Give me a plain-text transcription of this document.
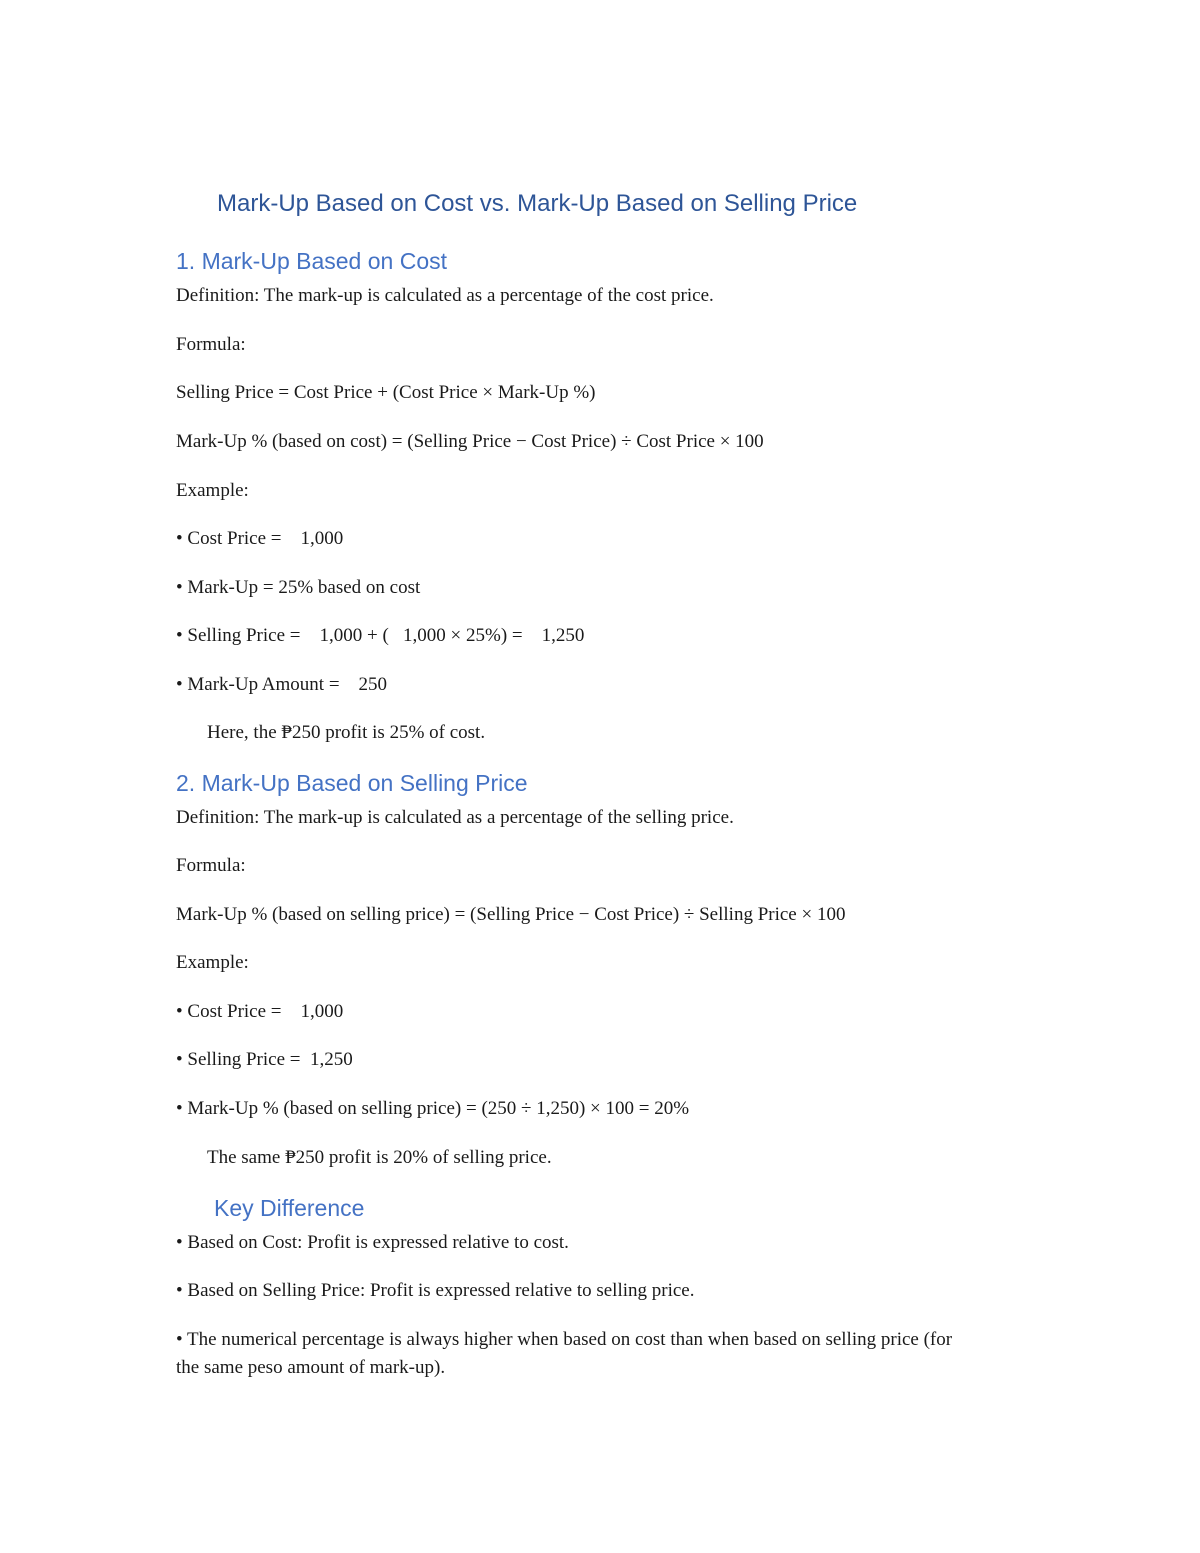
Mark-Up Based on Cost vs. Mark-Up Based on Selling Price
1. Mark-Up Based on Cost
Definition: The mark-up is calculated as a percentage of the cost price.
Formula:
Selling Price = Cost Price + (Cost Price × Mark-Up %)
Mark-Up % (based on cost) = (Selling Price − Cost Price) ÷ Cost Price × 100
Example:
• Cost Price =    1,000
• Mark-Up = 25% based on cost
• Selling Price =    1,000 + (   1,000 × 25%) =    1,250
• Mark-Up Amount =    250
Here, the ₱250 profit is 25% of cost.
2. Mark-Up Based on Selling Price
Definition: The mark-up is calculated as a percentage of the selling price.
Formula:
Mark-Up % (based on selling price) = (Selling Price − Cost Price) ÷ Selling Price × 100
Example:
• Cost Price =    1,000
• Selling Price =  1,250
• Mark-Up % (based on selling price) = (250 ÷ 1,250) × 100 = 20%
The same ₱250 profit is 20% of selling price.
Key Difference
• Based on Cost: Profit is expressed relative to cost.
• Based on Selling Price: Profit is expressed relative to selling price.
• The numerical percentage is always higher when based on cost than when based on selling price (for the same peso amount of mark-up).
